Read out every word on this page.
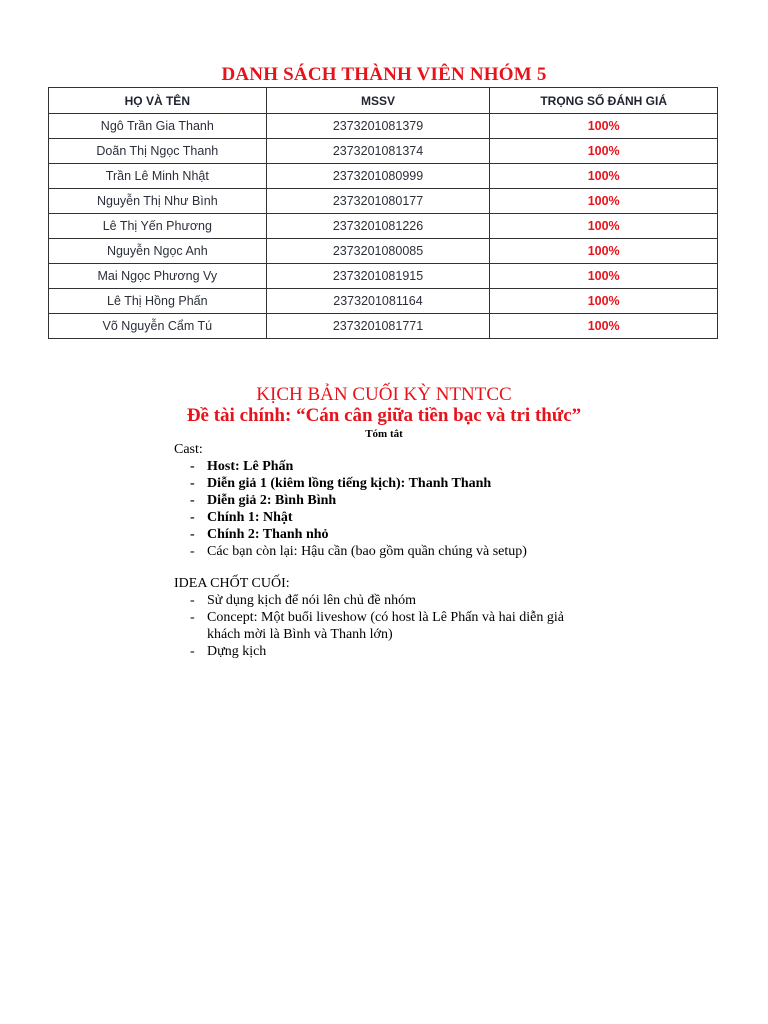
DANH SÁCH THÀNH VIÊN NHÓM 5
HỌ VÀ TÊN	MSSV	TRỌNG SỐ ĐÁNH GIÁ
Ngô Trần Gia Thanh	2373201081379	100%
Doãn Thị Ngọc Thanh	2373201081374	100%
Trần Lê Minh Nhật	2373201080999	100%
Nguyễn Thị Như Bình	2373201080177	100%
Lê Thị Yến Phương	2373201081226	100%
Nguyễn Ngọc Anh	2373201080085	100%
Mai Ngọc Phương Vy	2373201081915	100%
Lê Thị Hồng Phấn	2373201081164	100%
Võ Nguyễn Cẩm Tú	2373201081771	100%
KỊCH BẢN CUỐI KỲ NTNTCC
Đề tài chính: “Cán cân giữa tiền bạc và tri thức”
Tóm tắt
Cast:
- Host: Lê Phấn
- Diễn giả 1 (kiêm lồng tiếng kịch): Thanh Thanh
- Diễn giả 2: Bình Bình
- Chính 1: Nhật
- Chính 2: Thanh nhỏ
- Các bạn còn lại: Hậu cần (bao gồm quần chúng và setup)
IDEA CHỐT CUỐI:
- Sử dụng kịch để nói lên chủ đề nhóm
- Concept: Một buổi liveshow (có host là Lê Phấn và hai diễn giả khách mời là Bình và Thanh lớn)
- Dựng kịch
